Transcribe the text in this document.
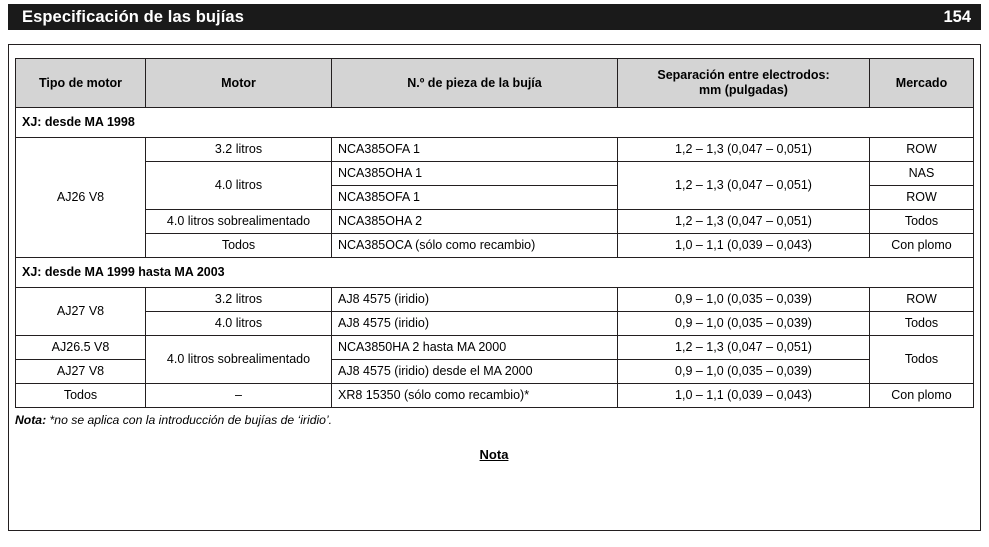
Especificación de las bujías	154
Tipo de motor	Motor	N.º de pieza de la bujía	Separación entre electrodos:
mm (pulgadas)	Mercado
XJ: desde MA 1998				
AJ26 V8	3.2 litros	NCA385OFA 1	1,2 – 1,3 (0,047 – 0,051)	ROW
	4.0 litros	NCA385OHA 1	1,2 – 1,3 (0,047 – 0,051)	NAS
		NCA385OFA 1		ROW
	4.0 litros sobrealimentado	NCA385OHA 2	1,2 – 1,3 (0,047 – 0,051)	Todos
	Todos	NCA385OCA (sólo como recambio)	1,0 – 1,1 (0,039 – 0,043)	Con plomo
XJ: desde MA 1999 hasta MA 2003				
AJ27 V8	3.2 litros	AJ8 4575 (iridio)	0,9 – 1,0 (0,035 – 0,039)	ROW
	4.0 litros	AJ8 4575 (iridio)	0,9 – 1,0 (0,035 – 0,039)	Todos
AJ26.5 V8	4.0 litros sobrealimentado	NCA3850HA 2 hasta MA 2000	1,2 – 1,3 (0,047 – 0,051)	Todos
AJ27 V8		AJ8 4575 (iridio) desde el MA 2000	0,9 – 1,0 (0,035 – 0,039)	
Todos	–	XR8 15350 (sólo como recambio)*	1,0 – 1,1 (0,039 – 0,043)	Con plomo
Nota: *no se aplica con la introducción de bujías de ‘iridio’.
Nota
